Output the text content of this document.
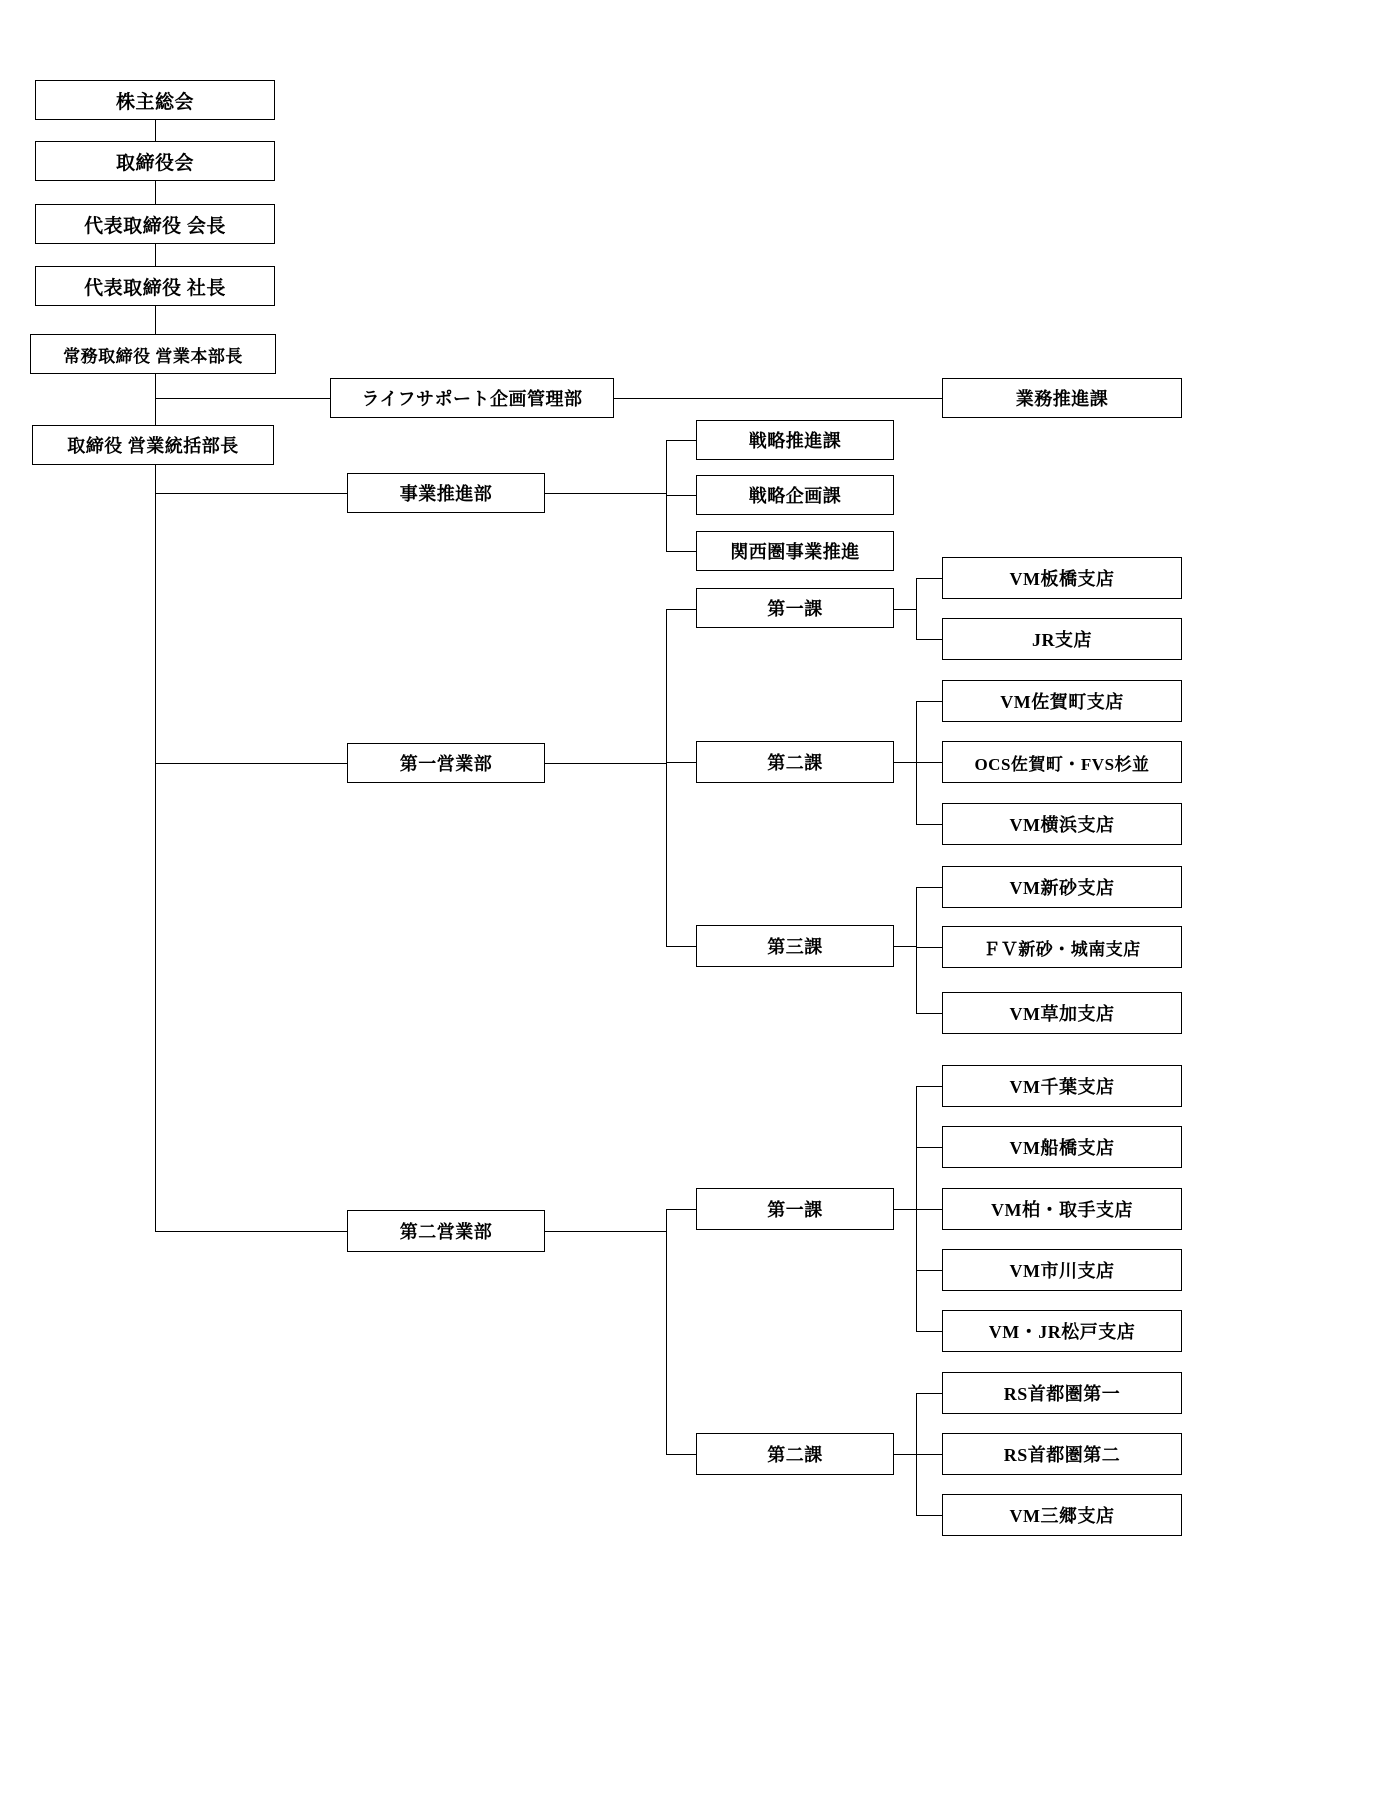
株主総会
取締役会
代表取締役 会長
代表取締役 社長
常務取締役 営業本部長
取締役 営業統括部長
ライフサポート企画管理部	業務推進課
事業推進部
戦略推進課
戦略企画課
関西圏事業推進
第一営業部
第一課
VM板橋支店
JR支店
第二課
VM佐賀町支店
OCS佐賀町・FVS杉並
VM横浜支店
第三課
VM新砂支店
ＦＶ新砂・城南支店
VM草加支店
第二営業部
第一課
VM千葉支店
VM船橋支店
VM柏・取手支店
VM市川支店
VM・JR松戸支店
第二課
RS首都圏第一
RS首都圏第二
VM三郷支店
